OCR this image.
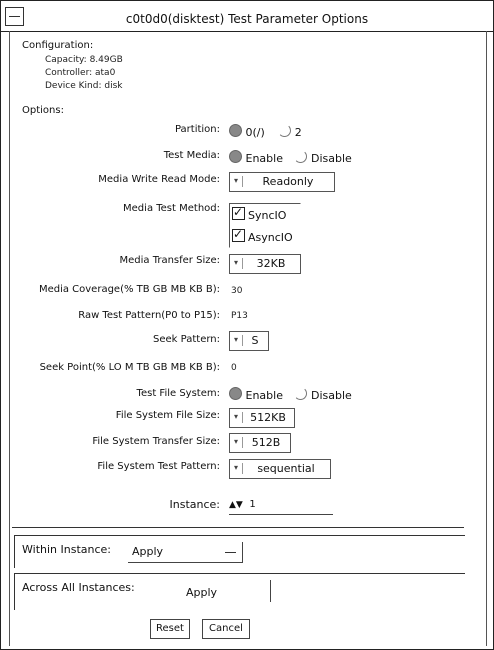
c0t0d0(disktest) Test Parameter Options
Configuration:
Capacity: 8.49GB
Controller: ata0
Device Kind: disk
Options:
Partition:	0(/)	2
Test Media:	Enable	Disable
Media Write Read Mode: ▾	Readonly
Media Test Method:
✓SyncIO
✓AsyncIO
Media Transfer Size: ▾	32KB
Media Coverage(% TB GB MB KB B): 30
Raw Test Pattern(P0 to P15): P13
Seek Pattern: ▾	S
Seek Point(% LO M TB GB MB KB B): 0
Test File System:	Enable	Disable
File System File Size: ▾	512KB
File System Transfer Size: ▾	512B
File System Test Pattern: ▾	sequential
Instance: ▲▼ 1
Within Instance: Apply
Across All Instances:	Apply
Reset	Cancel
